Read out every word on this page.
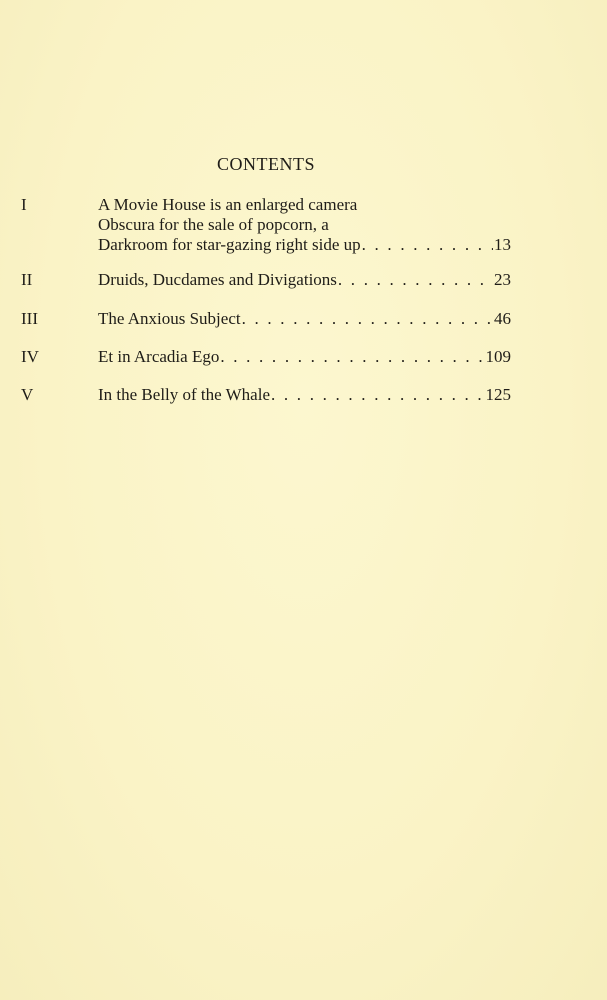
CONTENTS
I	A Movie House is an enlarged camera
Obscura for the sale of popcorn, a
Darkroom for star-gazing right side up . . .	13
II	Druids, Ducdames and Divigations . . .	23
III	The Anxious Subject . . .	46
IV	Et in Arcadia Ego . . .	109
V	In the Belly of the Whale . . .	125
